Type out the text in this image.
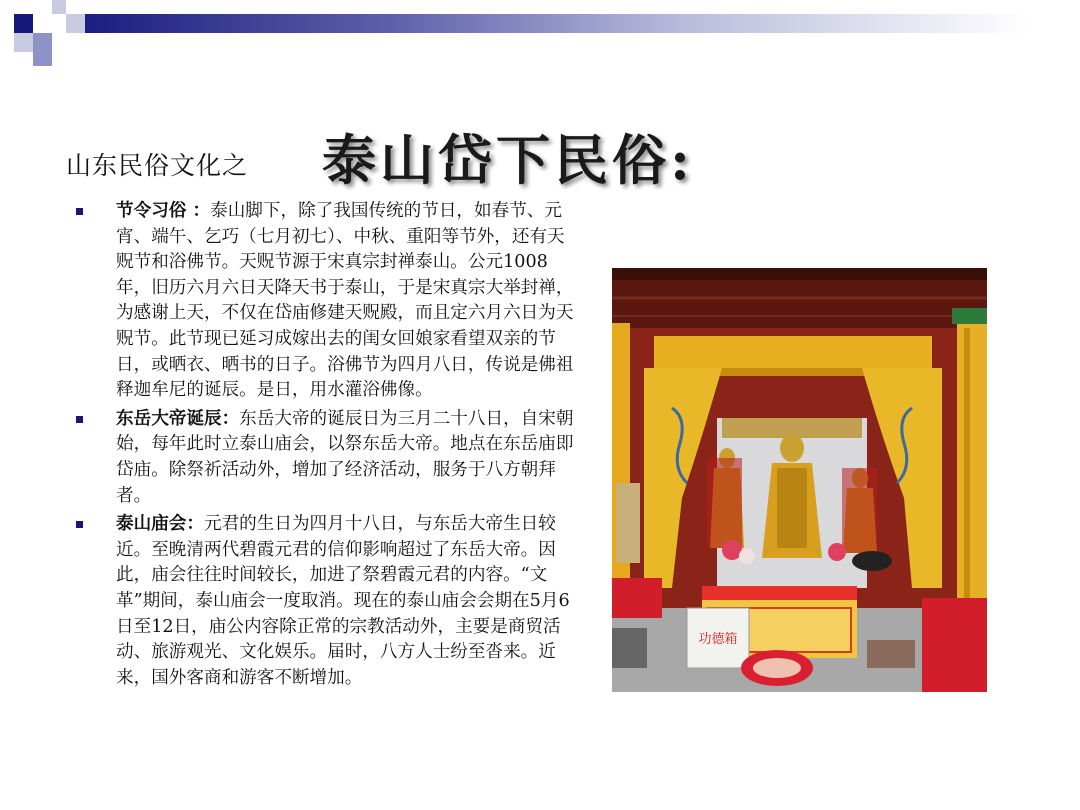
山东民俗文化之 泰山岱下民俗:
节令习俗 ：泰山脚下，除了我国传统的节日，如春节、元宵、端午、乞巧（七月初七）、中秋、重阳等节外，还有天贶节和浴佛节。天贶节源于宋真宗封禅泰山。公元1008年，旧历六月六日天降天书于泰山，于是宋真宗大举封禅，为感谢上天，不仅在岱庙修建天贶殿，而且定六月六日为天贶节。此节现已延习成嫁出去的闺女回娘家看望双亲的节日，或晒衣、晒书的日子。浴佛节为四月八日，传说是佛祖释迦牟尼的诞辰。是日，用水灌浴佛像。
东岳大帝诞辰：东岳大帝的诞辰日为三月二十八日，自宋朝始，每年此时立泰山庙会，以祭东岳大帝。地点在东岳庙即岱庙。除祭祈活动外，增加了经济活动，服务于八方朝拜者。
泰山庙会：元君的生日为四月十八日，与东岳大帝生日较近。至晚清两代碧霞元君的信仰影响超过了东岳大帝。因此，庙会往往时间较长，加进了祭碧霞元君的内容。“文革”期间，泰山庙会一度取消。现在的泰山庙会会期在5月6日至12日，庙公内容除正常的宗教活动外，主要是商贸活动、旅游观光、文化娱乐。届时，八方人士纷至沓来。近来，国外客商和游客不断增加。
功德箱
